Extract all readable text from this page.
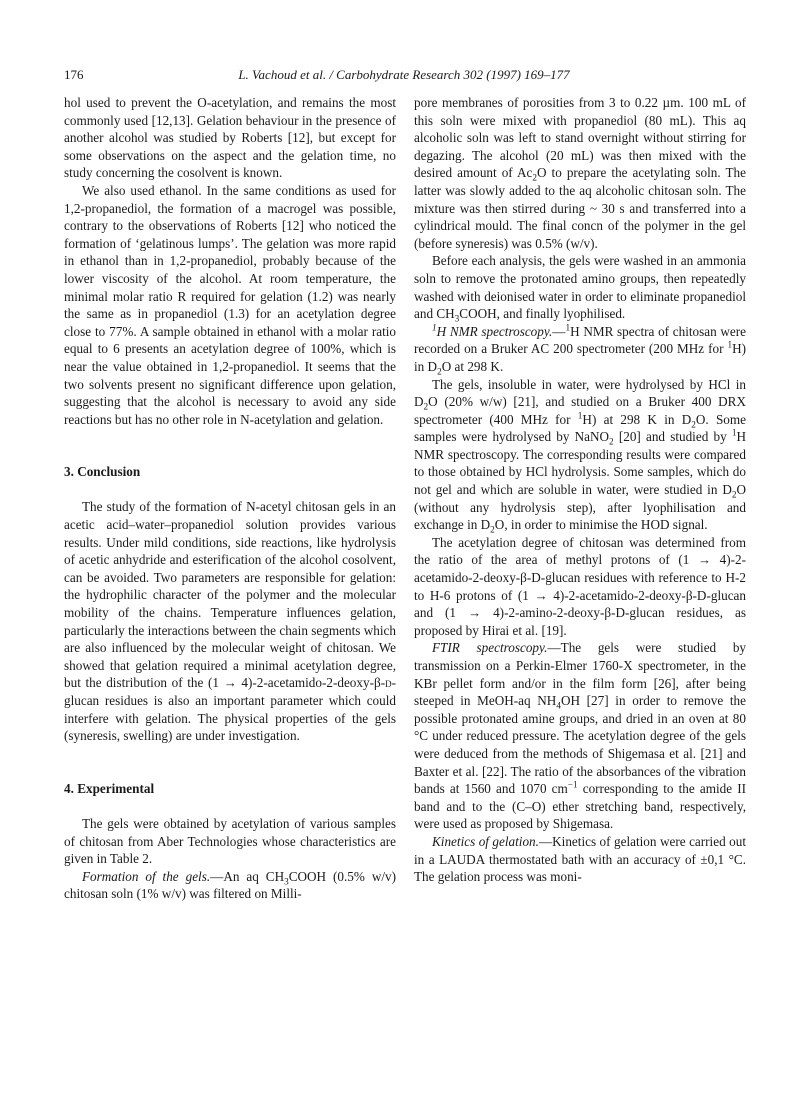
176	L. Vachoud et al. / Carbohydrate Research 302 (1997) 169–177

hol used to prevent the O-acetylation, and remains the most commonly used [12,13]. Gelation behaviour in the presence of another alcohol was studied by Roberts [12], but except for some observations on the aspect and the gelation time, no study concerning the cosolvent is known.

We also used ethanol. In the same conditions as used for 1,2-propanediol, the formation of a macrogel was possible, contrary to the observations of Roberts [12] who noticed the formation of ‘gelatinous lumps’. The gelation was more rapid in ethanol than in 1,2-propanediol, probably because of the lower viscosity of the alcohol. At room temperature, the minimal molar ratio R required for gelation (1.2) was nearly the same as in propanediol (1.3) for an acetylation degree close to 77%. A sample obtained in ethanol with a molar ratio equal to 6 presents an acetylation degree of 100%, which is near the value obtained in 1,2-propanediol. It seems that the two solvents present no significant difference upon gelation, suggesting that the alcohol is necessary to avoid any side reactions but has no other role in N-acetylation and gelation.

3. Conclusion

The study of the formation of N-acetyl chitosan gels in an acetic acid–water–propanediol solution provides various results. Under mild conditions, side reactions, like hydrolysis of acetic anhydride and esterification of the alcohol cosolvent, can be avoided. Two parameters are responsible for gelation: the hydrophilic character of the polymer and the molecular mobility of the chains. Temperature influences gelation, particularly the interactions between the chain segments which are also influenced by the molecular weight of chitosan. We showed that gelation required a minimal acetylation degree, but the distribution of the (1 → 4)-2-acetamido-2-deoxy-β-d-glucan residues is also an important parameter which could interfere with gelation. The physical properties of the gels (syneresis, swelling) are under investigation.

4. Experimental

The gels were obtained by acetylation of various samples of chitosan from Aber Technologies whose characteristics are given in Table 2.

Formation of the gels.—An aq $CH_3COOH$ (0.5% w/v) chitosan soln (1% w/v) was filtered on Milli-

pore membranes of porosities from 3 to 0.22 µm. 100 mL of this soln were mixed with propanediol (80 mL). This aq alcoholic soln was left to stand overnight without stirring for degazing. The alcohol (20 mL) was then mixed with the desired amount of $Ac_2O$ to prepare the acetylating soln. The latter was slowly added to the aq alcoholic chitosan soln. The mixture was then stirred during ~ 30 s and transferred into a cylindrical mould. The final concn of the polymer in the gel (before syneresis) was 0.5% (w/v).

Before each analysis, the gels were washed in an ammonia soln to remove the protonated amino groups, then repeatedly washed with deionised water in order to eliminate propanediol and $CH_3COOH$, and finally lyophilised.

$^1$H NMR spectroscopy.—$^1$H NMR spectra of chitosan were recorded on a Bruker AC 200 spectrometer (200 MHz for $^1$H) in $D_2O$ at 298 K.

The gels, insoluble in water, were hydrolysed by HCl in $D_2O$ (20% w/w) [21], and studied on a Bruker 400 DRX spectrometer (400 MHz for $^1$H) at 298 K in $D_2O$. Some samples were hydrolysed by NaNO$_2$ [20] and studied by $^1$H NMR spectroscopy. The corresponding results were compared to those obtained by HCl hydrolysis. Some samples, which do not gel and which are soluble in water, were studied in $D_2O$ (without any hydrolysis step), after lyophilisation and exchange in $D_2O$, in order to minimise the HOD signal.

The acetylation degree of chitosan was determined from the ratio of the area of methyl protons of (1 → 4)-2-acetamido-2-deoxy-β-D-glucan residues with reference to H-2 to H-6 protons of (1 → 4)-2-acetamido-2-deoxy-β-D-glucan and (1 → 4)-2-amino-2-deoxy-β-D-glucan residues, as proposed by Hirai et al. [19].

FTIR spectroscopy.—The gels were studied by transmission on a Perkin-Elmer 1760-X spectrometer, in the KBr pellet form and/or in the film form [26], after being steeped in MeOH-aq $NH_4OH$ [27] in order to remove the possible protonated amine groups, and dried in an oven at 80 °C under reduced pressure. The acetylation degree of the gels were deduced from the methods of Shigemasa et al. [21] and Baxter et al. [22]. The ratio of the absorbances of the vibration bands at 1560 and 1070 $cm^{-1}$ corresponding to the amide II band and to the (C–O) ether stretching band, respectively, were used as proposed by Shigemasa.

Kinetics of gelation.—Kinetics of gelation were carried out in a LAUDA thermostated bath with an accuracy of ±0,1 °C. The gelation process was moni-
